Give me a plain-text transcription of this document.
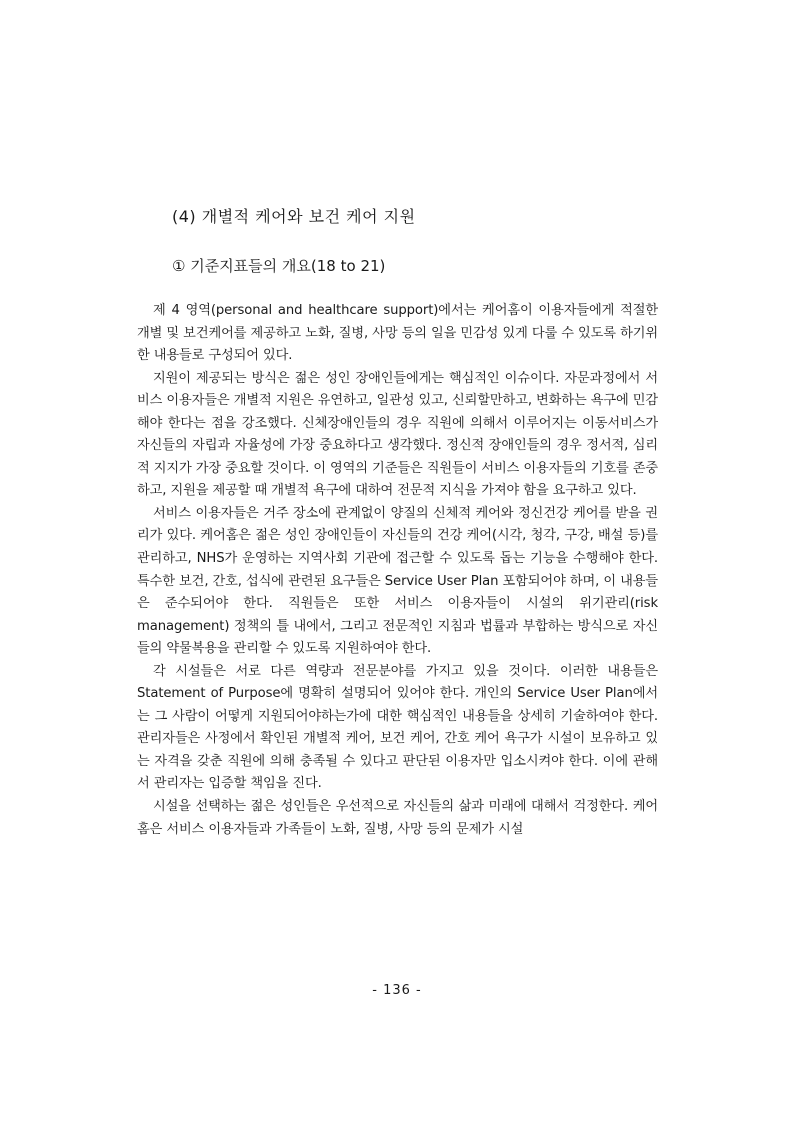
(4) 개별적 케어와 보건 케어 지원
① 기준지표들의 개요(18 to 21)

제 4 영역(personal and healthcare support)에서는 케어홈이 이용자들에게 적절한 개별 및 보건케어를 제공하고 노화, 질병, 사망 등의 일을 민감성 있게 다룰 수 있도록 하기위한 내용들로 구성되어 있다.

지원이 제공되는 방식은 젊은 성인 장애인들에게는 핵심적인 이슈이다. 자문과정에서 서비스 이용자들은 개별적 지원은 유연하고, 일관성 있고, 신뢰할만하고, 변화하는 욕구에 민감해야 한다는 점을 강조했다. 신체장애인들의 경우 직원에 의해서 이루어지는 이동서비스가 자신들의 자립과 자율성에 가장 중요하다고 생각했다. 정신적 장애인들의 경우 정서적, 심리적 지지가 가장 중요할 것이다. 이 영역의 기준들은 직원들이 서비스 이용자들의 기호를 존중하고, 지원을 제공할 때 개별적 욕구에 대하여 전문적 지식을 가져야 함을 요구하고 있다.

서비스 이용자들은 거주 장소에 관계없이 양질의 신체적 케어와 정신건강 케어를 받을 권리가 있다. 케어홈은 젊은 성인 장애인들이 자신들의 건강 케어(시각, 청각, 구강, 배설 등)를 관리하고, NHS가 운영하는 지역사회 기관에 접근할 수 있도록 돕는 기능을 수행해야 한다. 특수한 보건, 간호, 섭식에 관련된 요구들은 Service User Plan 포함되어야 하며, 이 내용들은 준수되어야 한다. 직원들은 또한 서비스 이용자들이 시설의 위기관리(risk management) 정책의 틀 내에서, 그리고 전문적인 지침과 법률과 부합하는 방식으로 자신들의 약물복용을 관리할 수 있도록 지원하여야 한다.

각 시설들은 서로 다른 역량과 전문분야를 가지고 있을 것이다. 이러한 내용들은 Statement of Purpose에 명확히 설명되어 있어야 한다. 개인의 Service User Plan에서는 그 사람이 어떻게 지원되어야하는가에 대한 핵심적인 내용들을 상세히 기술하여야 한다. 관리자들은 사정에서 확인된 개별적 케어, 보건 케어, 간호 케어 욕구가 시설이 보유하고 있는 자격을 갖춘 직원에 의해 충족될 수 있다고 판단된 이용자만 입소시켜야 한다. 이에 관해서 관리자는 입증할 책임을 진다.

시설을 선택하는 젊은 성인들은 우선적으로 자신들의 삶과 미래에 대해서 걱정한다. 케어홈은 서비스 이용자들과 가족들이 노화, 질병, 사망 등의 문제가 시설

- 136 -
